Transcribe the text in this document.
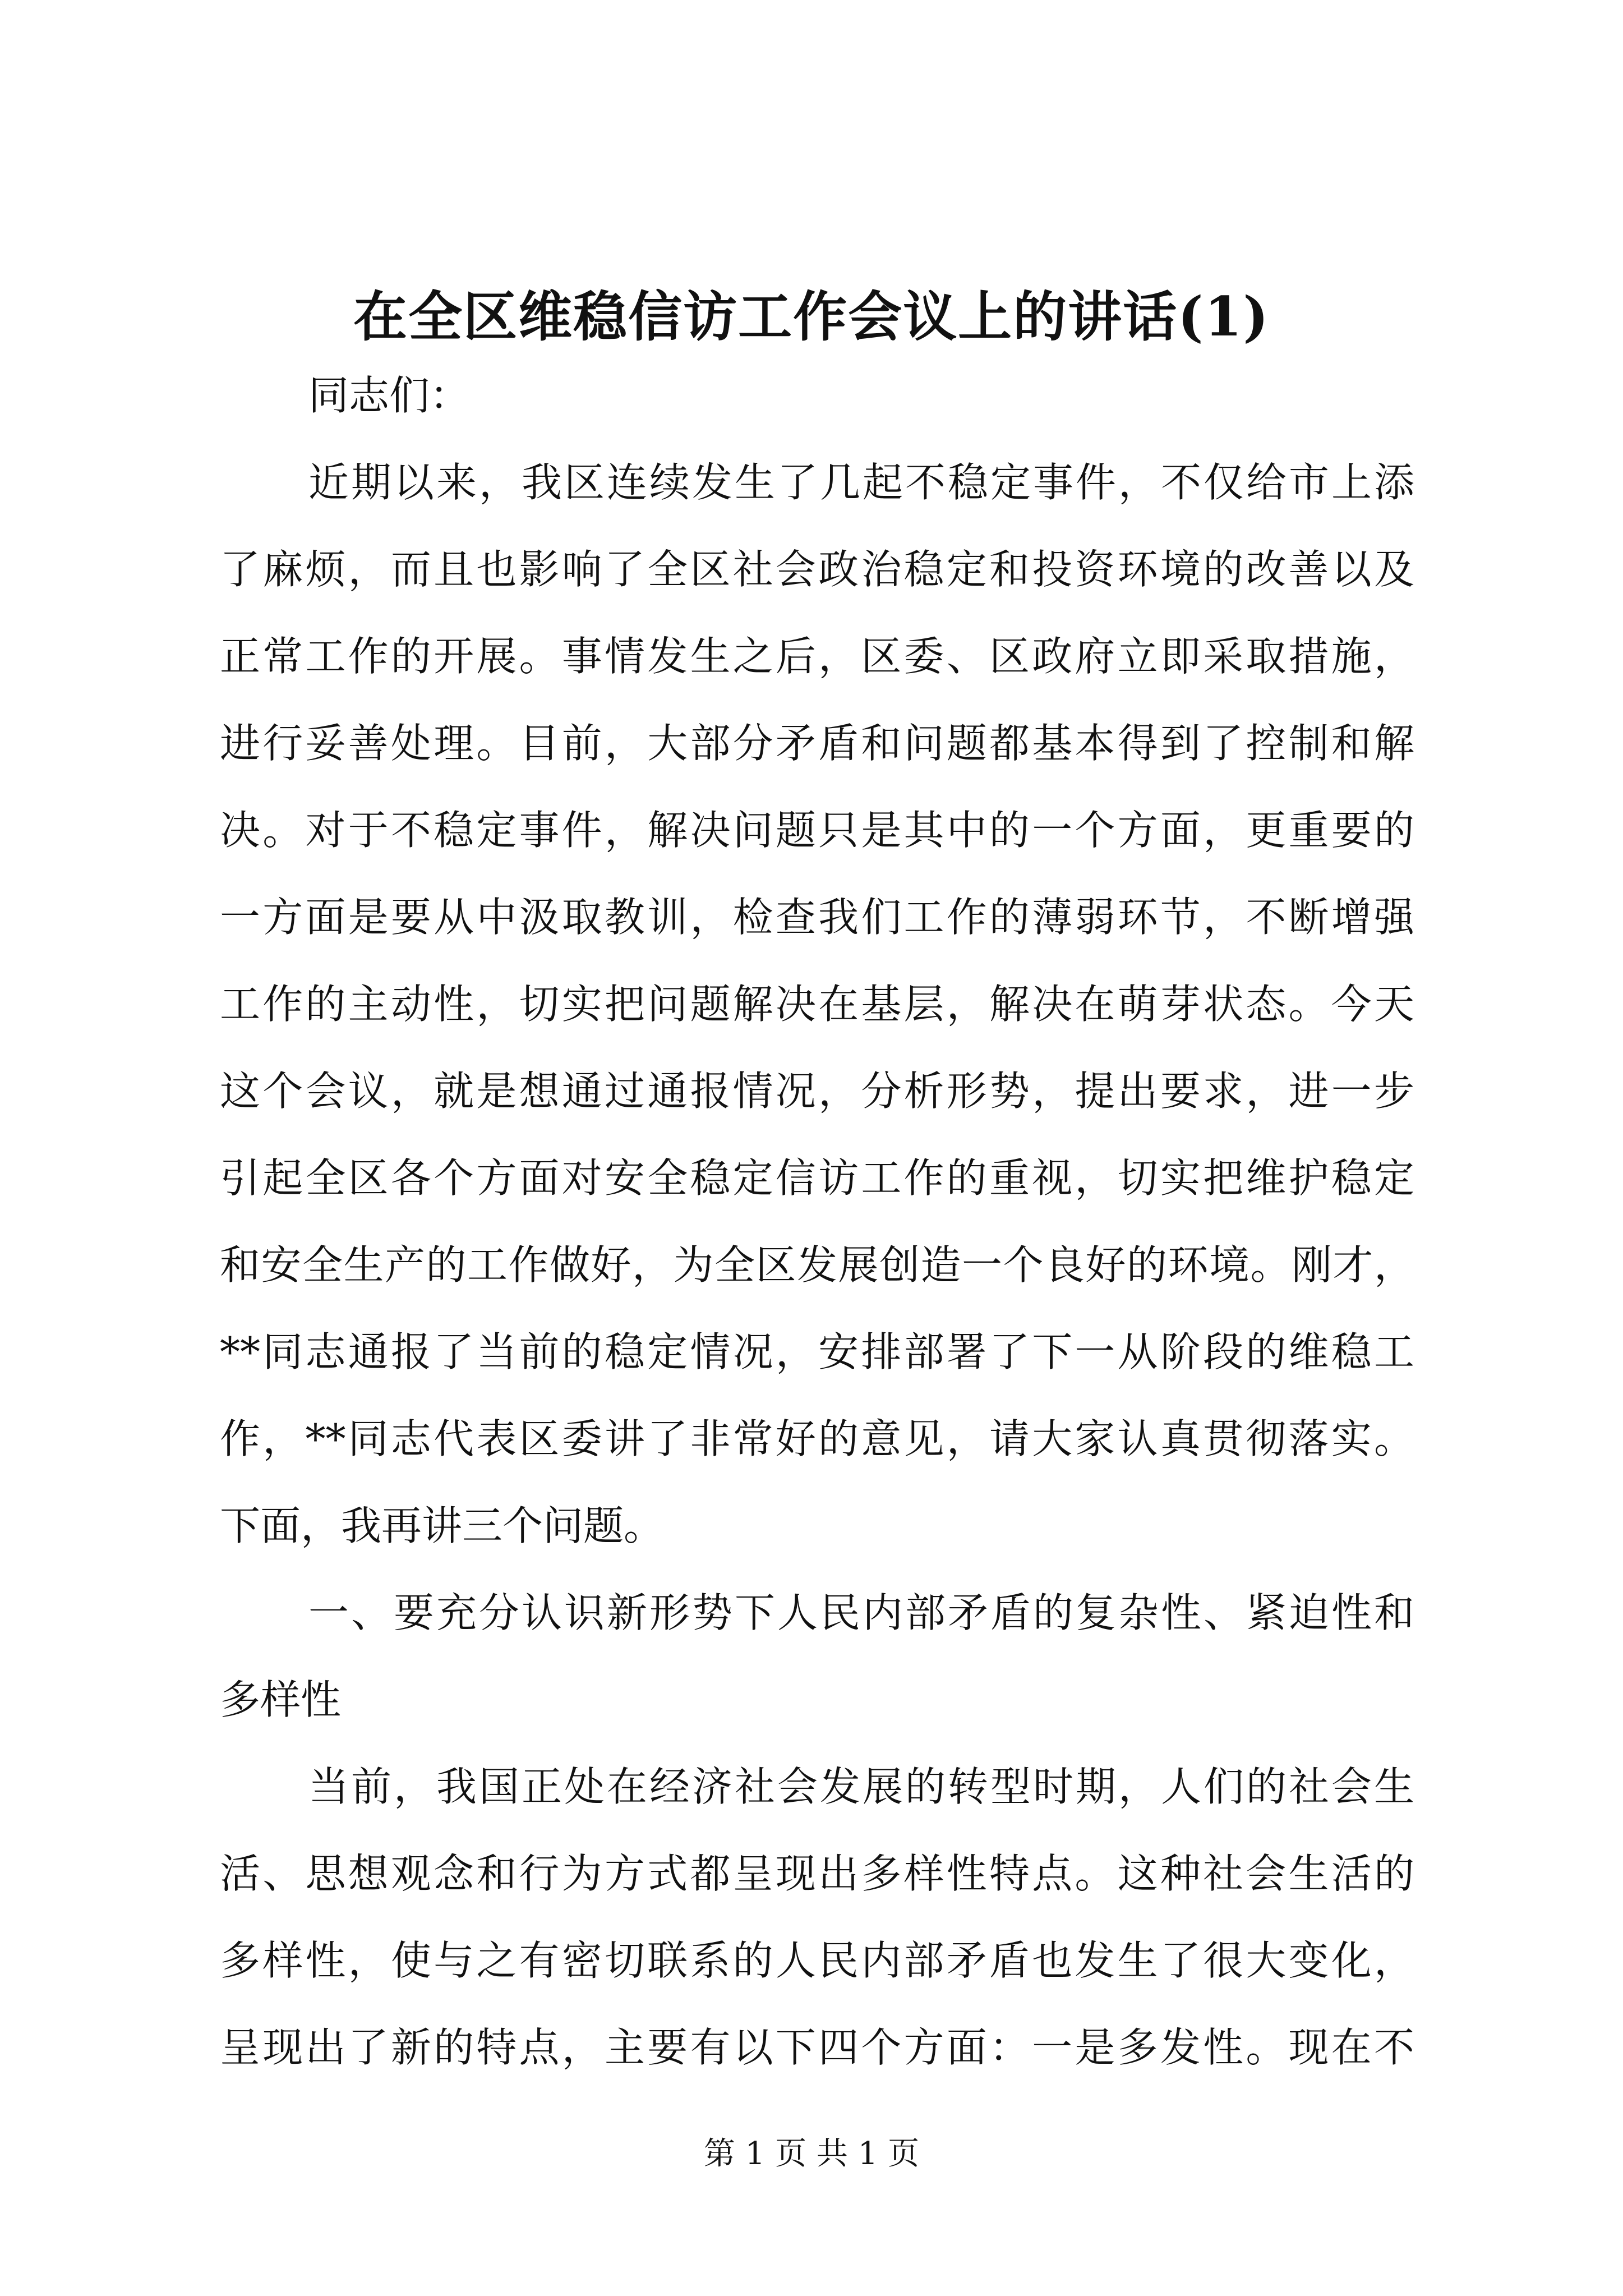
在全区维稳信访工作会议上的讲话(1)
同志们：
近期以来，我区连续发生了几起不稳定事件，不仅给市上添
了麻烦，而且也影响了全区社会政治稳定和投资环境的改善以及
正常工作的开展。事情发生之后，区委、区政府立即采取措施，
进行妥善处理。目前，大部分矛盾和问题都基本得到了控制和解
决。对于不稳定事件，解决问题只是其中的一个方面，更重要的
一方面是要从中汲取教训，检查我们工作的薄弱环节，不断增强
工作的主动性，切实把问题解决在基层，解决在萌芽状态。今天
这个会议，就是想通过通报情况，分析形势，提出要求，进一步
引起全区各个方面对安全稳定信访工作的重视，切实把维护稳定
和安全生产的工作做好，为全区发展创造一个良好的环境。刚才，
**同志通报了当前的稳定情况，安排部署了下一从阶段的维稳工
作，**同志代表区委讲了非常好的意见，请大家认真贯彻落实。
下面，我再讲三个问题。
一、要充分认识新形势下人民内部矛盾的复杂性、紧迫性和
多样性
当前，我国正处在经济社会发展的转型时期，人们的社会生
活、思想观念和行为方式都呈现出多样性特点。这种社会生活的
多样性，使与之有密切联系的人民内部矛盾也发生了很大变化，
呈现出了新的特点，主要有以下四个方面：一是多发性。现在不
第 1 页 共 1 页
